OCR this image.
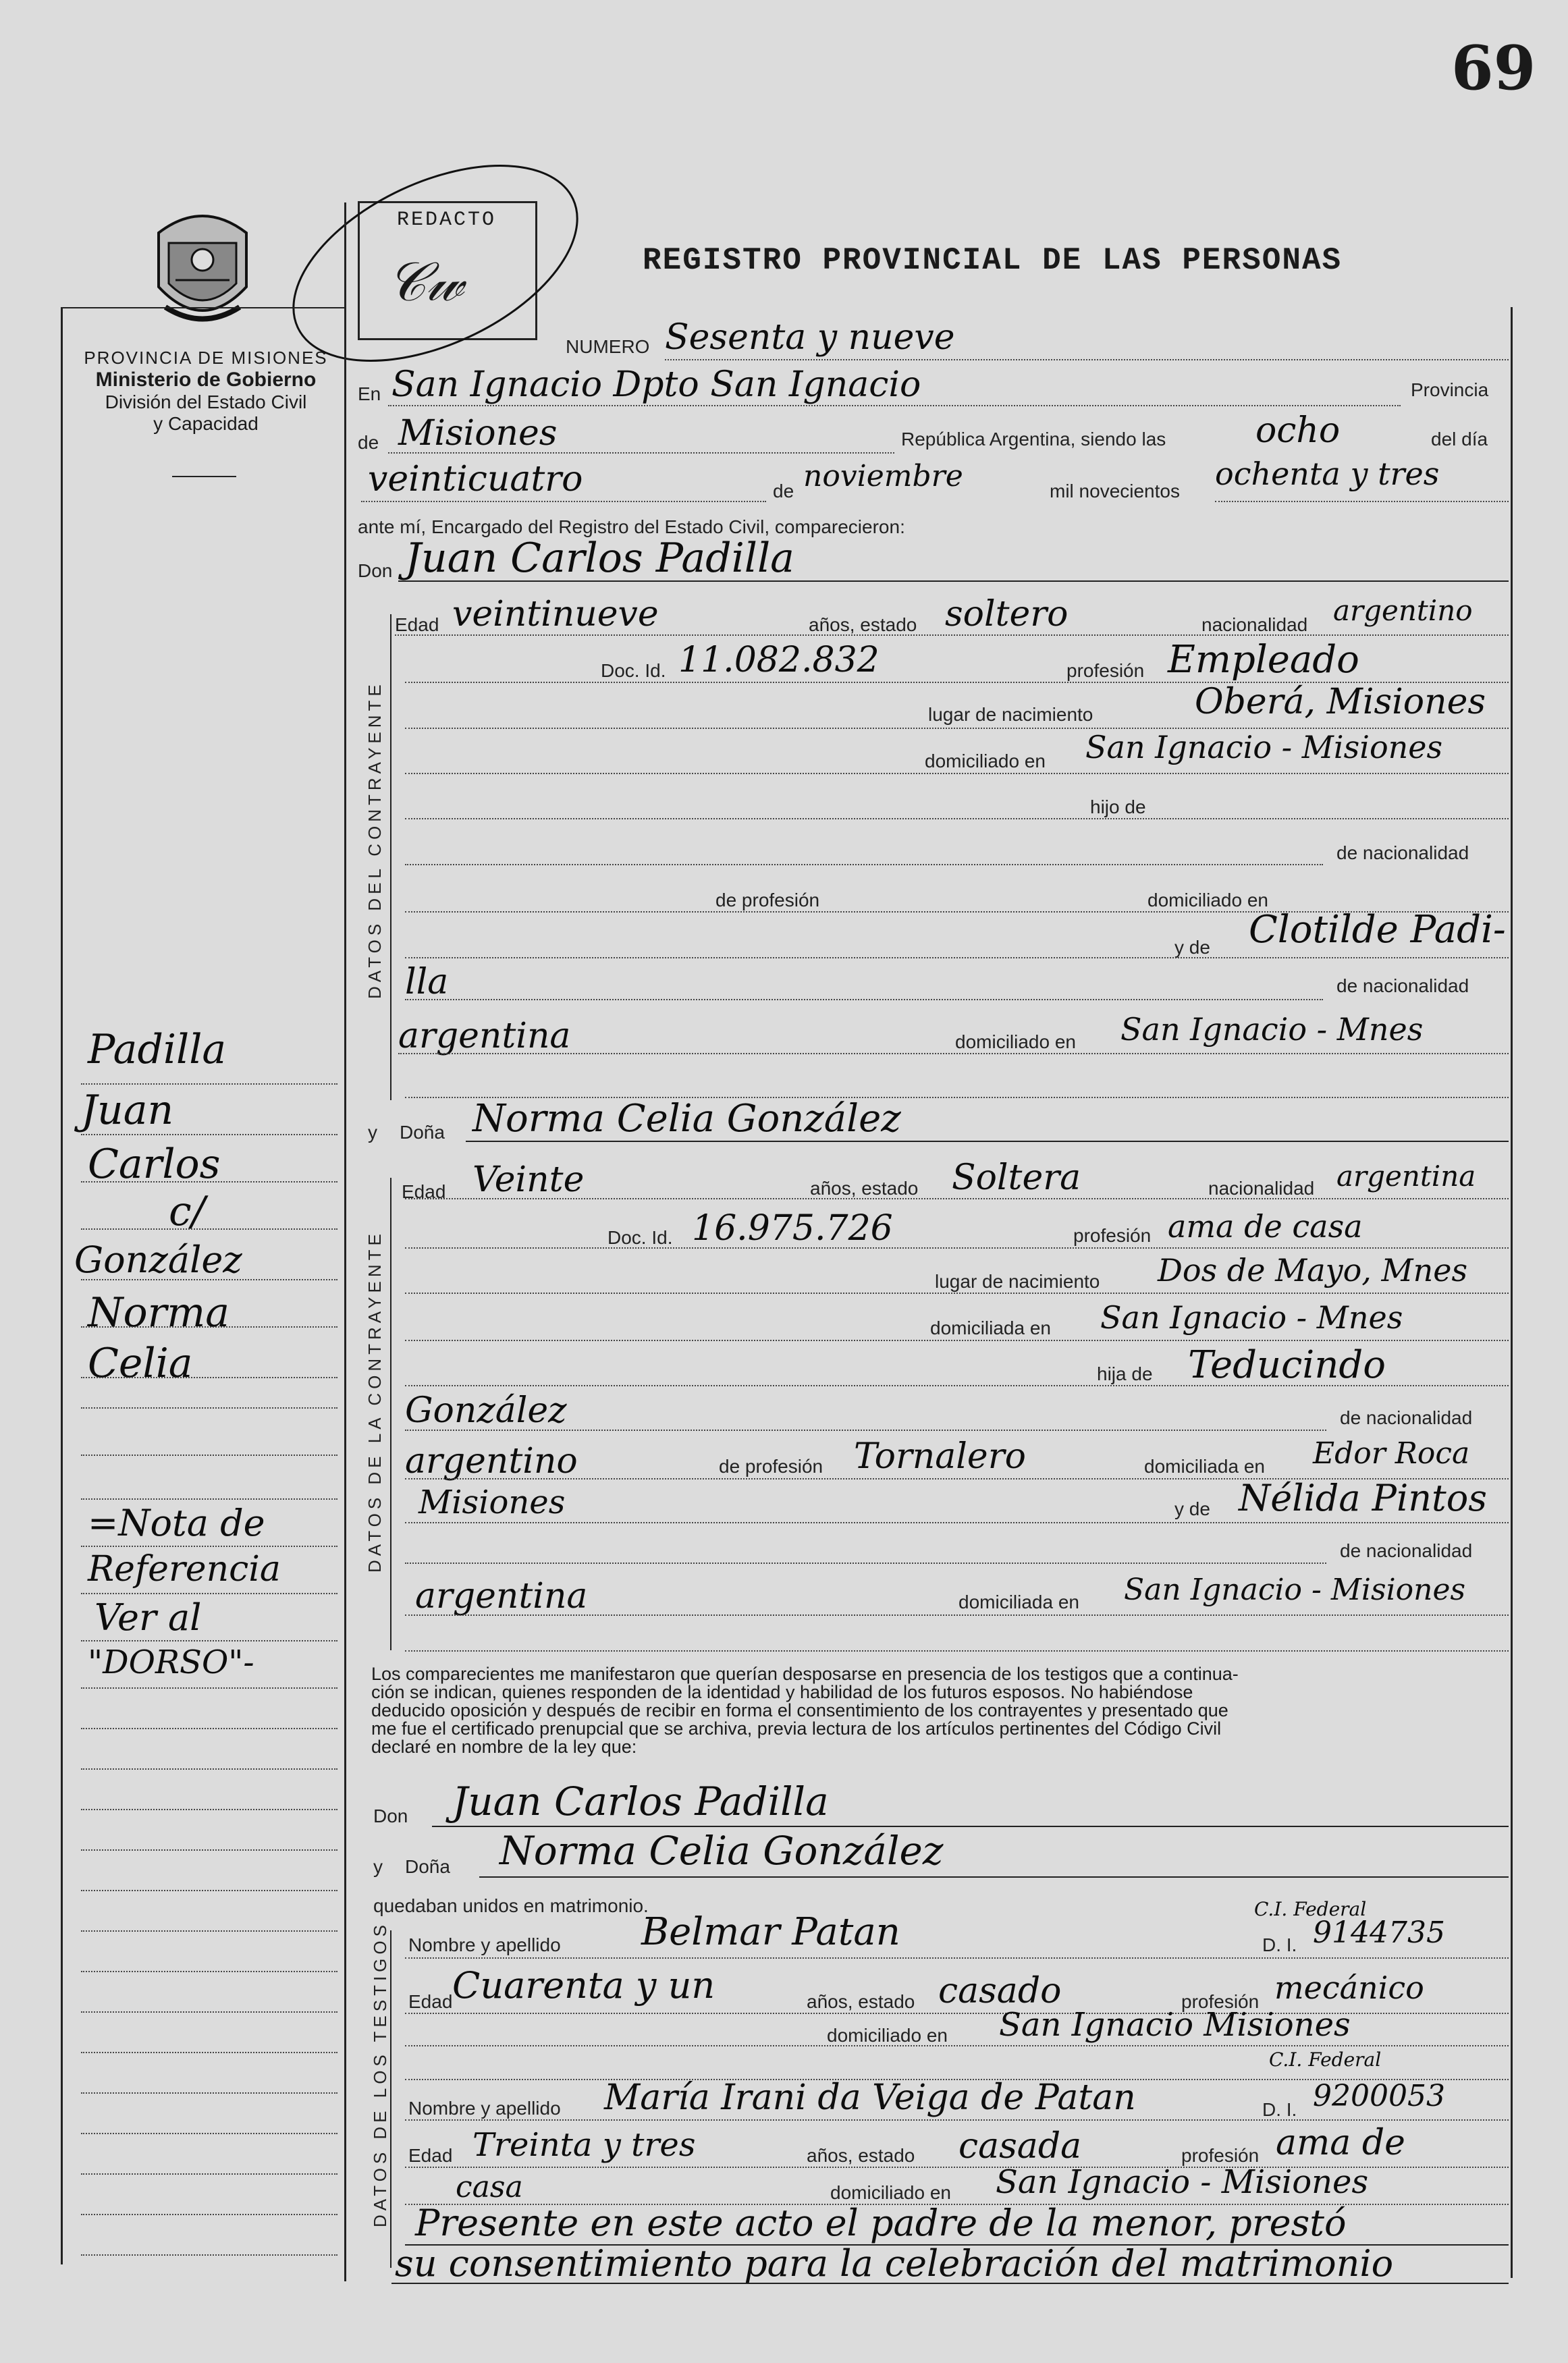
69
REDACTO
𝒞𝓌	REGISTRO PROVINCIAL DE LAS PERSONAS
PROVINCIA DE MISIONES
Ministerio de Gobierno
División del Estado Civil
y Capacidad
DATOS DEL CONTRAYENTE
DATOS DE LA CONTRAYENTE
DATOS DE LOS TESTIGOS
NUMERO Sesenta y nueve
En San Ignacio Dpto San Ignacio	Provincia
de Misiones	República Argentina, siendo las	ocho	del día
veinticuatro	de noviembre	mil novecientos ochenta y tres
ante mí, Encargado del Registro del Estado Civil, comparecieron:
Don Juan Carlos Padilla
Edad veintinueve	años, estado soltero	nacionalidad argentino
Doc. Id. 11.082.832	profesión Empleado
lugar de nacimiento	Oberá, Misiones
domiciliado en San Ignacio - Misiones
hijo de
de nacionalidad
de profesión	domiciliado en
y de Clotilde Padi-
lla	de nacionalidad
argentina	domiciliado en San Ignacio - Mnes
y Doña Norma Celia González
Edad Veinte	años, estado Soltera	nacionalidad argentina
Doc. Id. 16.975.726	profesión ama de casa
lugar de nacimiento Dos de Mayo, Mnes
domiciliada en San Ignacio - Mnes
hija de Teducindo
González	de nacionalidad
argentino	de profesión Tornalero	domiciliada en Edor Roca
Misiones	y de Nélida Pintos
de nacionalidad
argentina	domiciliada en San Ignacio - Misiones
Los comparecientes me manifestaron que querían desposarse en presencia de los testigos que a continua-
ción se indican, quienes responden de la identidad y habilidad de los futuros esposos. No habiéndose
deducido oposición y después de recibir en forma el consentimiento de los contrayentes y presentado que
me fue el certificado prenupcial que se archiva, previa lectura de los artículos pertinentes del Código Civil
declaré en nombre de la ley que:
Don Juan Carlos Padilla
y Doña Norma Celia González
quedaban unidos en matrimonio.
Nombre y apellido Belmar Patan
C.I. Federal
D. I. 9144735
Edad Cuarenta y un	años, estado casado	profesión mecánico
domiciliado en San Ignacio Misiones
Nombre y apellido María Irani da Veiga de Patan
C.I. Federal
D. I. 9200053
Edad Treinta y tres	años, estado casada	profesión ama de
casa	domiciliado en San Ignacio - Misiones
Presente en este acto el padre de la menor, prestó
su consentimiento para la celebración del matrimonio
Padilla
Juan
Carlos
c/
González
Norma
Celia
=Nota de
Referencia
Ver al
"DORSO"-
